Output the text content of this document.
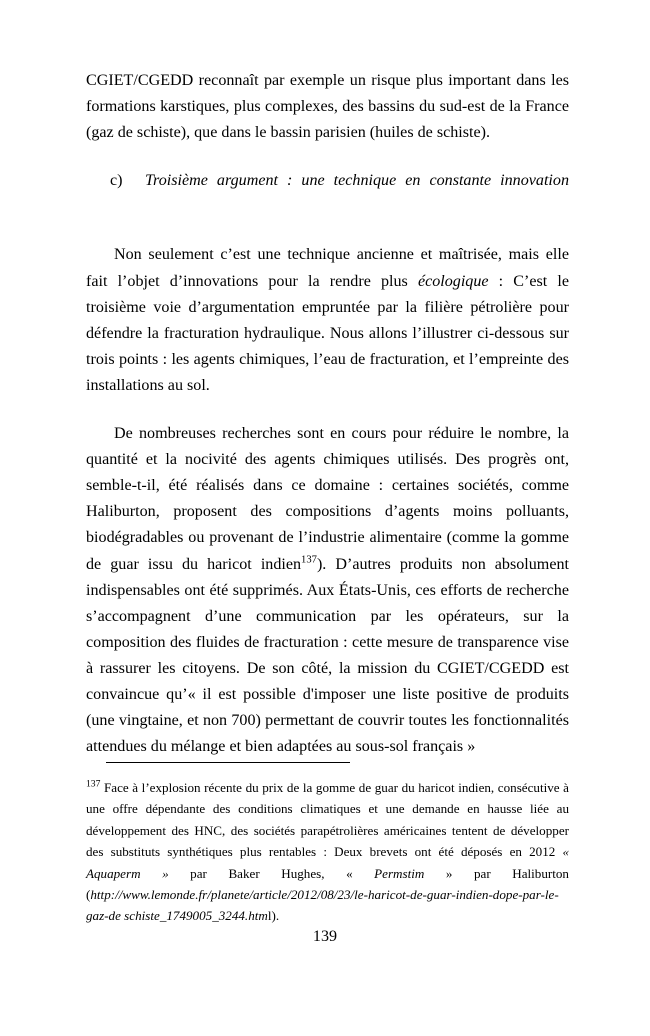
CGIET/CGEDD reconnaît par exemple un risque plus important dans les formations karstiques, plus complexes, des bassins du sud-est de la France (gaz de schiste), que dans le bassin parisien (huiles de schiste).

c)	Troisième argument : une technique en constante innovation

Non seulement c’est une technique ancienne et maîtrisée, mais elle fait l’objet d’innovations pour la rendre plus écologique : C’est le troisième voie d’argumentation empruntée par la filière pétrolière pour défendre la fracturation hydraulique. Nous allons l’illustrer ci-dessous sur trois points : les agents chimiques, l’eau de fracturation, et l’empreinte des installations au sol.

De nombreuses recherches sont en cours pour réduire le nombre, la quantité et la nocivité des agents chimiques utilisés. Des progrès ont, semble-t-il, été réalisés dans ce domaine : certaines sociétés, comme Haliburton, proposent des compositions d’agents moins polluants, biodégradables ou provenant de l’industrie alimentaire (comme la gomme de guar issu du haricot indien$^{137}$). D’autres produits non absolument indispensables ont été supprimés. Aux États-Unis, ces efforts de recherche s’accompagnent d’une communication par les opérateurs, sur la composition des fluides de fracturation : cette mesure de transparence vise à rassurer les citoyens. De son côté, la mission du CGIET/CGEDD est convaincue qu’« il est possible d'imposer une liste positive de produits (une vingtaine, et non 700) permettant de couvrir toutes les fonctionnalités attendues du mélange et bien adaptées au sous-sol français »

$^{137}$ Face à l’explosion récente du prix de la gomme de guar du haricot indien, consécutive à une offre dépendante des conditions climatiques et une demande en hausse liée au développement des HNC, des sociétés parapétrolières américaines tentent de développer des substituts synthétiques plus rentables : Deux brevets ont été déposés en 2012 « Aquaperm » par Baker Hughes, « Permstim » par Haliburton (http://www.lemonde.fr/planete/article/2012/08/23/le-haricot-de-guar-indien-dope-par-le-gaz-de schiste_1749005_3244.html).

139
